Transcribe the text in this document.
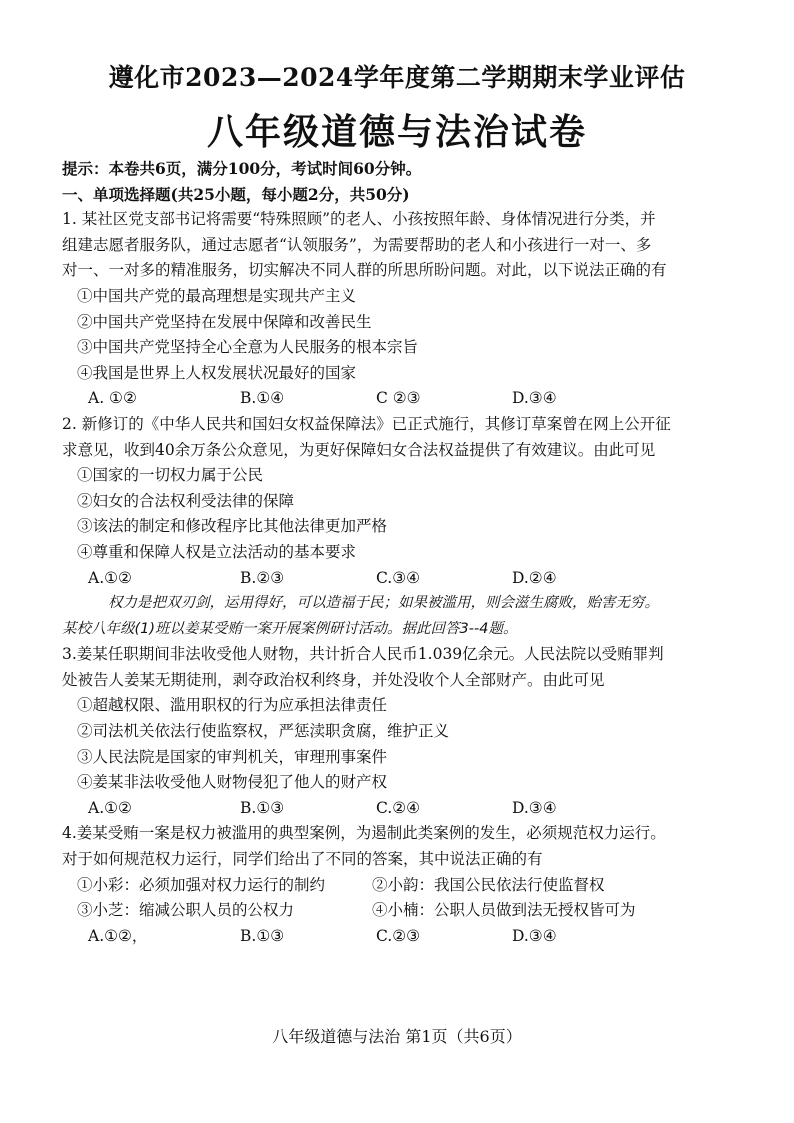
遵化市2023—2024学年度第二学期期末学业评估
八年级道德与法治试卷
提示：本卷共6页，满分100分，考试时间60分钟。
一、单项选择题(共25小题，每小题2分，共50分)
1. 某社区党支部书记将需要“特殊照顾”的老人、小孩按照年龄、身体情况进行分类，并
组建志愿者服务队，通过志愿者“认领服务”，为需要帮助的老人和小孩进行一对一、多
对一、一对多的精准服务，切实解决不同人群的所思所盼问题。对此，以下说法正确的有
①中国共产党的最高理想是实现共产主义
②中国共产党坚持在发展中保障和改善民生
③中国共产党坚持全心全意为人民服务的根本宗旨
④我国是世界上人权发展状况最好的国家
A. ①②	B.①④	C ②③	D.③④
2. 新修订的《中华人民共和国妇女权益保障法》已正式施行，其修订草案曾在网上公开征
求意见，收到40余万条公众意见，为更好保障妇女合法权益提供了有效建议。由此可见
①国家的一切权力属于公民
②妇女的合法权利受法律的保障
③该法的制定和修改程序比其他法律更加严格
④尊重和保障人权是立法活动的基本要求
A.①②	B.②③	C.③④	D.②④
权力是把双刃剑，运用得好，可以造福于民；如果被滥用，则会滋生腐败，贻害无穷。
某校八年级(1)班以姜某受贿一案开展案例研讨活动。据此回答3--4题。
3.姜某任职期间非法收受他人财物，共计折合人民币1.039亿余元。人民法院以受贿罪判
处被告人姜某无期徒刑，剥夺政治权利终身，并处没收个人全部财产。由此可见
①超越权限、滥用职权的行为应承担法律责任
②司法机关依法行使监察权，严惩渎职贪腐，维护正义
③人民法院是国家的审判机关，审理刑事案件
④姜某非法收受他人财物侵犯了他人的财产权
A.①②	B.①③	C.②④	D.③④
4.姜某受贿一案是权力被滥用的典型案例，为遏制此类案例的发生，必须规范权力运行。
对于如何规范权力运行，同学们给出了不同的答案，其中说法正确的有
①小彩：必须加强对权力运行的制约	②小韵：我国公民依法行使监督权
③小芝：缩减公职人员的公权力	④小楠：公职人员做到法无授权皆可为
A.①②，	B.①③	C.②③	D.③④
八年级道德与法治 第1页（共6页）
